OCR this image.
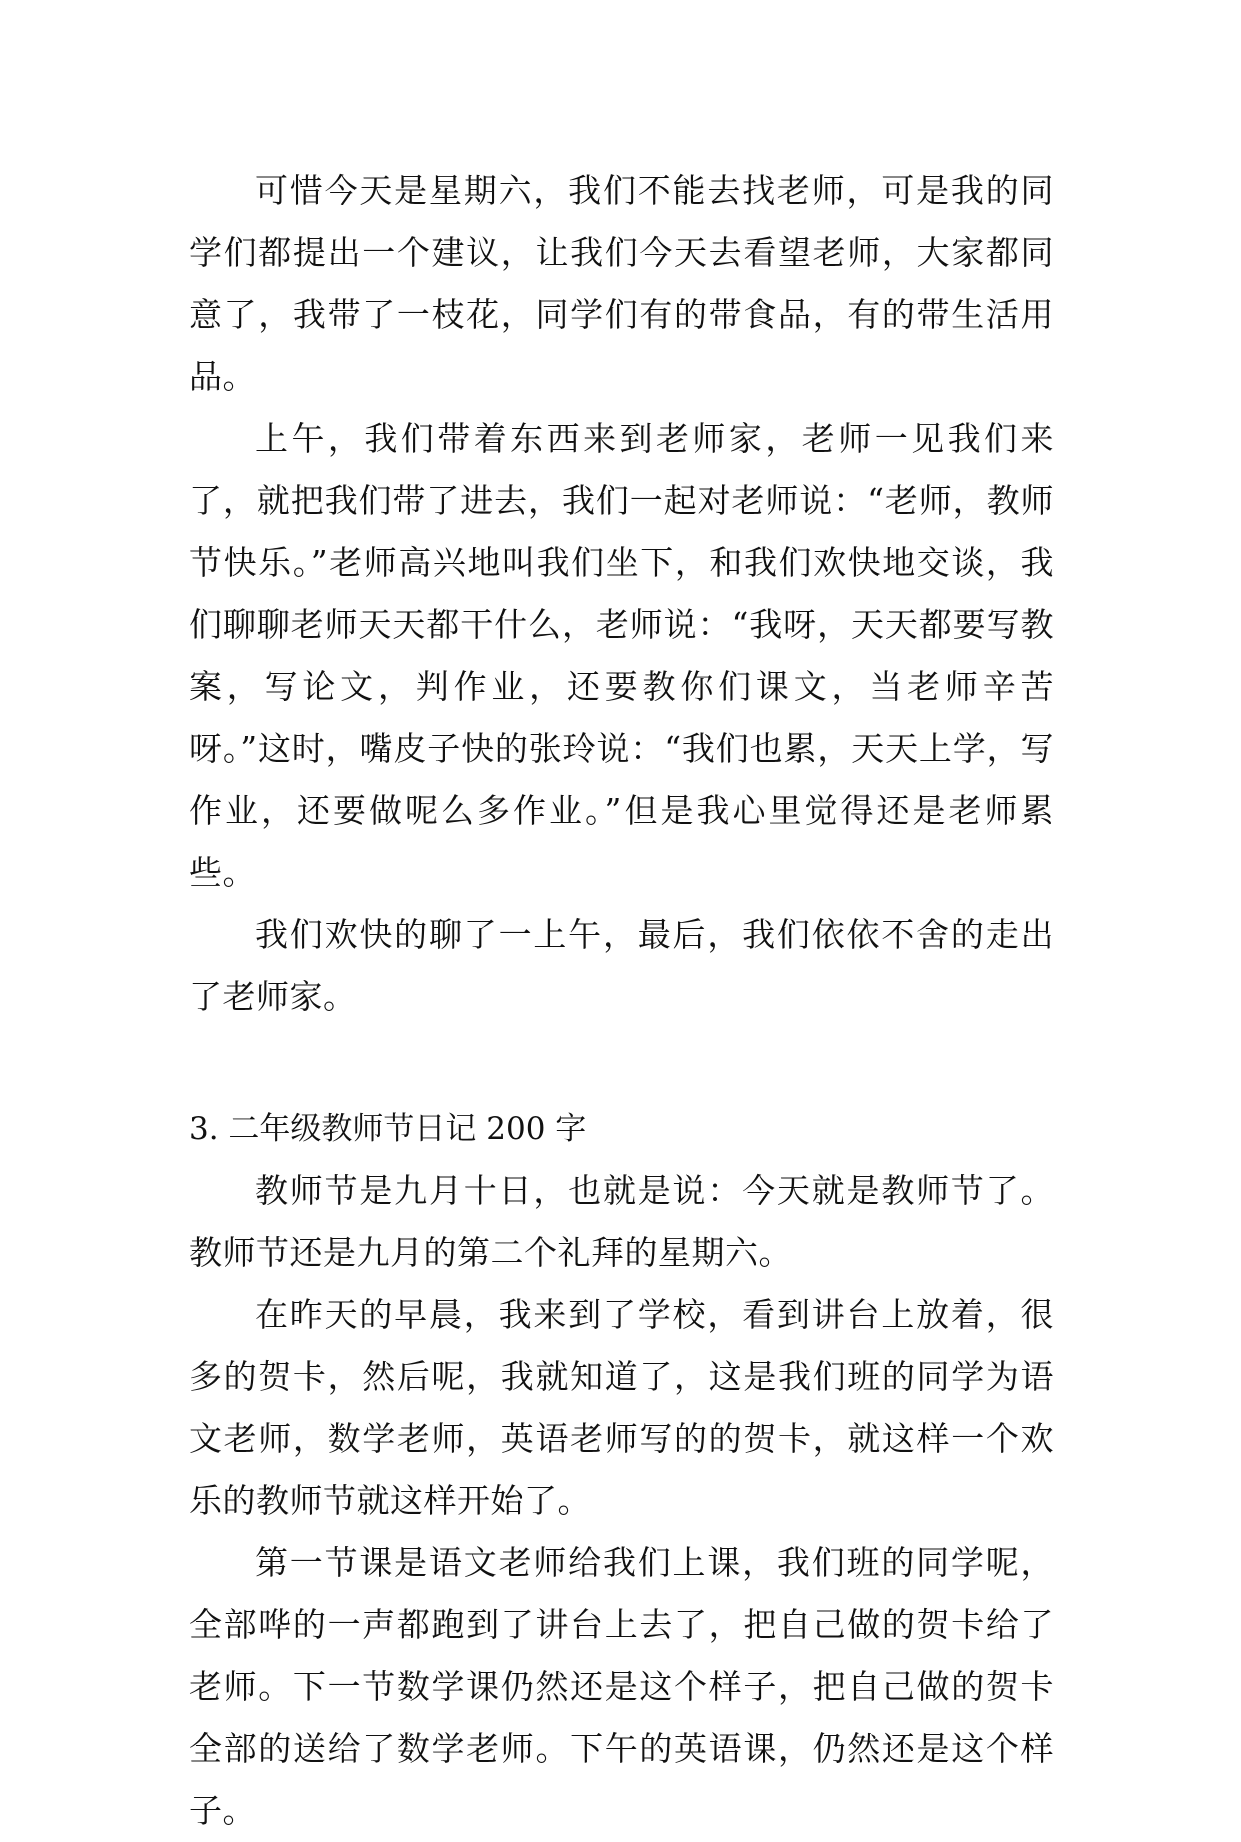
可惜今天是星期六，我们不能去找老师，可是我的同学们都提出一个建议，让我们今天去看望老师，大家都同意了，我带了一枝花，同学们有的带食品，有的带生活用品。

上午，我们带着东西来到老师家，老师一见我们来了，就把我们带了进去，我们一起对老师说：“老师，教师节快乐。”老师高兴地叫我们坐下，和我们欢快地交谈，我们聊聊老师天天都干什么，老师说：“我呀，天天都要写教案，写论文，判作业，还要教你们课文，当老师辛苦呀。”这时，嘴皮子快的张玲说：“我们也累，天天上学，写作业，还要做呢么多作业。”但是我心里觉得还是老师累些。

我们欢快的聊了一上午，最后，我们依依不舍的走出了老师家。

3. 二年级教师节日记 200 字

教师节是九月十日，也就是说：今天就是教师节了。教师节还是九月的第二个礼拜的星期六。

在昨天的早晨，我来到了学校，看到讲台上放着，很多的贺卡，然后呢，我就知道了，这是我们班的同学为语文老师，数学老师，英语老师写的的贺卡，就这样一个欢乐的教师节就这样开始了。

第一节课是语文老师给我们上课，我们班的同学呢，全部哗的一声都跑到了讲台上去了，把自己做的贺卡给了老师。下一节数学课仍然还是这个样子，把自己做的贺卡全部的送给了数学老师。下午的英语课，仍然还是这个样子。
